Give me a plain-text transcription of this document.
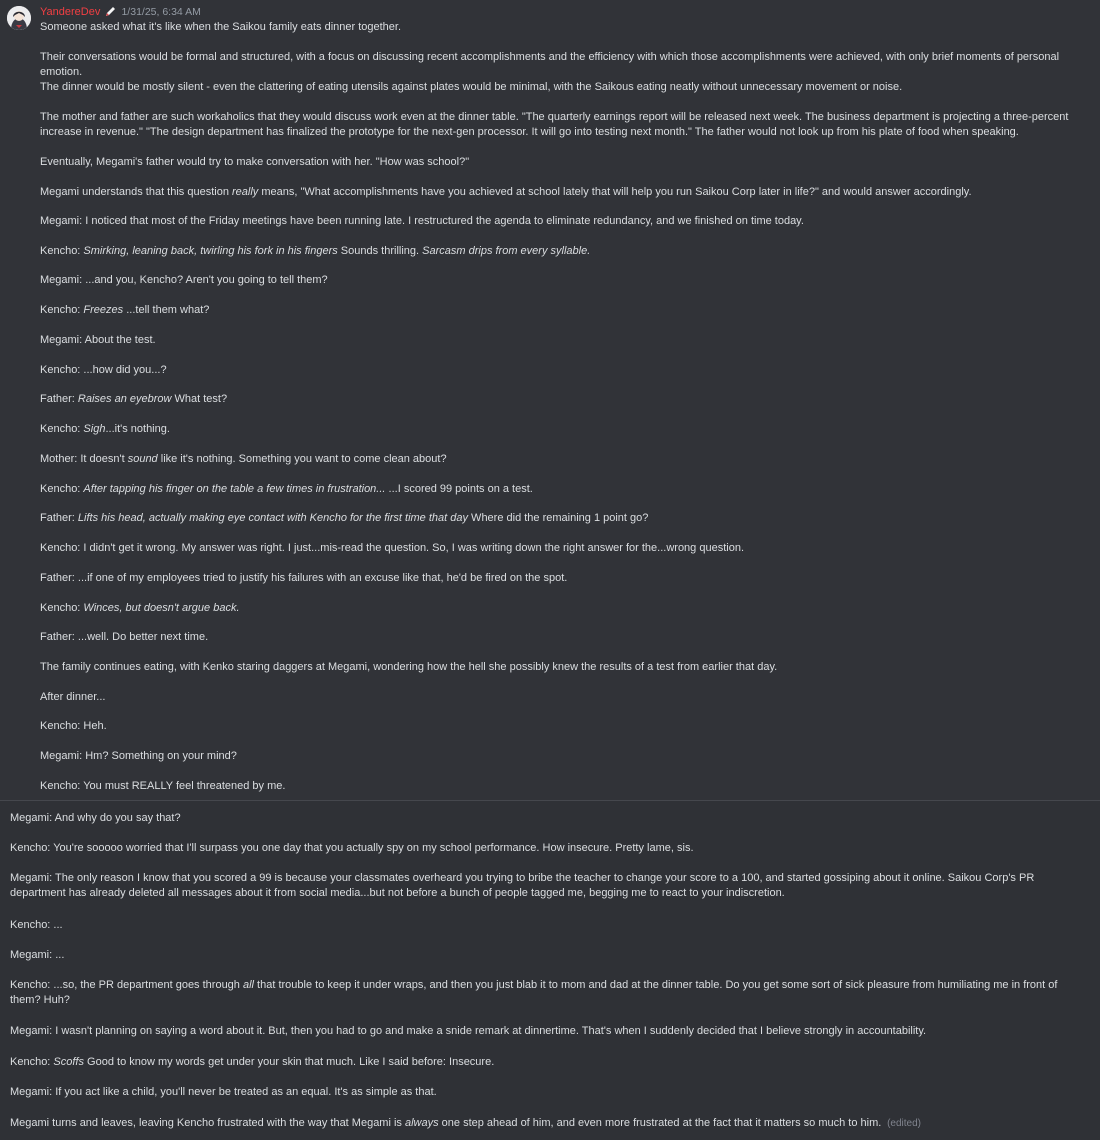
YandereDev 1/31/25, 6:34 AM

Someone asked what it's like when the Saikou family eats dinner together.

Their conversations would be formal and structured, with a focus on discussing recent accomplishments and the efficiency with which those accomplishments were achieved, with only brief moments of personal emotion.

The dinner would be mostly silent - even the clattering of eating utensils against plates would be minimal, with the Saikous eating neatly without unnecessary movement or noise.

The mother and father are such workaholics that they would discuss work even at the dinner table. "The quarterly earnings report will be released next week. The business department is projecting a three-percent increase in revenue." "The design department has finalized the prototype for the next-gen processor. It will go into testing next month." The father would not look up from his plate of food when speaking.

Eventually, Megami's father would try to make conversation with her. "How was school?"

Megami understands that this question really means, "What accomplishments have you achieved at school lately that will help you run Saikou Corp later in life?" and would answer accordingly.

Megami: I noticed that most of the Friday meetings have been running late. I restructured the agenda to eliminate redundancy, and we finished on time today.

Kencho: Smirking, leaning back, twirling his fork in his fingers Sounds thrilling. Sarcasm drips from every syllable.

Megami: ...and you, Kencho? Aren't you going to tell them?

Kencho: Freezes ...tell them what?

Megami: About the test.

Kencho: ...how did you...?

Father: Raises an eyebrow What test?

Kencho: Sigh...it's nothing.

Mother: It doesn't sound like it's nothing. Something you want to come clean about?

Kencho: After tapping his finger on the table a few times in frustration... ...I scored 99 points on a test.

Father: Lifts his head, actually making eye contact with Kencho for the first time that day Where did the remaining 1 point go?

Kencho: I didn't get it wrong. My answer was right. I just...mis-read the question. So, I was writing down the right answer for the...wrong question.

Father: ...if one of my employees tried to justify his failures with an excuse like that, he'd be fired on the spot.

Kencho: Winces, but doesn't argue back.

Father: ...well. Do better next time.

The family continues eating, with Kenko staring daggers at Megami, wondering how the hell she possibly knew the results of a test from earlier that day.

After dinner...

Kencho: Heh.

Megami: Hm? Something on your mind?

Kencho: You must REALLY feel threatened by me.

Megami: And why do you say that?

Kencho: You're sooooo worried that I'll surpass you one day that you actually spy on my school performance. How insecure. Pretty lame, sis.

Megami: The only reason I know that you scored a 99 is because your classmates overheard you trying to bribe the teacher to change your score to a 100, and started gossiping about it online. Saikou Corp's PR department has already deleted all messages about it from social media...but not before a bunch of people tagged me, begging me to react to your indiscretion.

Kencho: ...

Megami: ...

Kencho: ...so, the PR department goes through all that trouble to keep it under wraps, and then you just blab it to mom and dad at the dinner table. Do you get some sort of sick pleasure from humiliating me in front of them? Huh?

Megami: I wasn't planning on saying a word about it. But, then you had to go and make a snide remark at dinnertime. That's when I suddenly decided that I believe strongly in accountability.

Kencho: Scoffs Good to know my words get under your skin that much. Like I said before: Insecure.

Megami: If you act like a child, you'll never be treated as an equal. It's as simple as that.

Megami turns and leaves, leaving Kencho frustrated with the way that Megami is always one step ahead of him, and even more frustrated at the fact that it matters so much to him. (edited)
